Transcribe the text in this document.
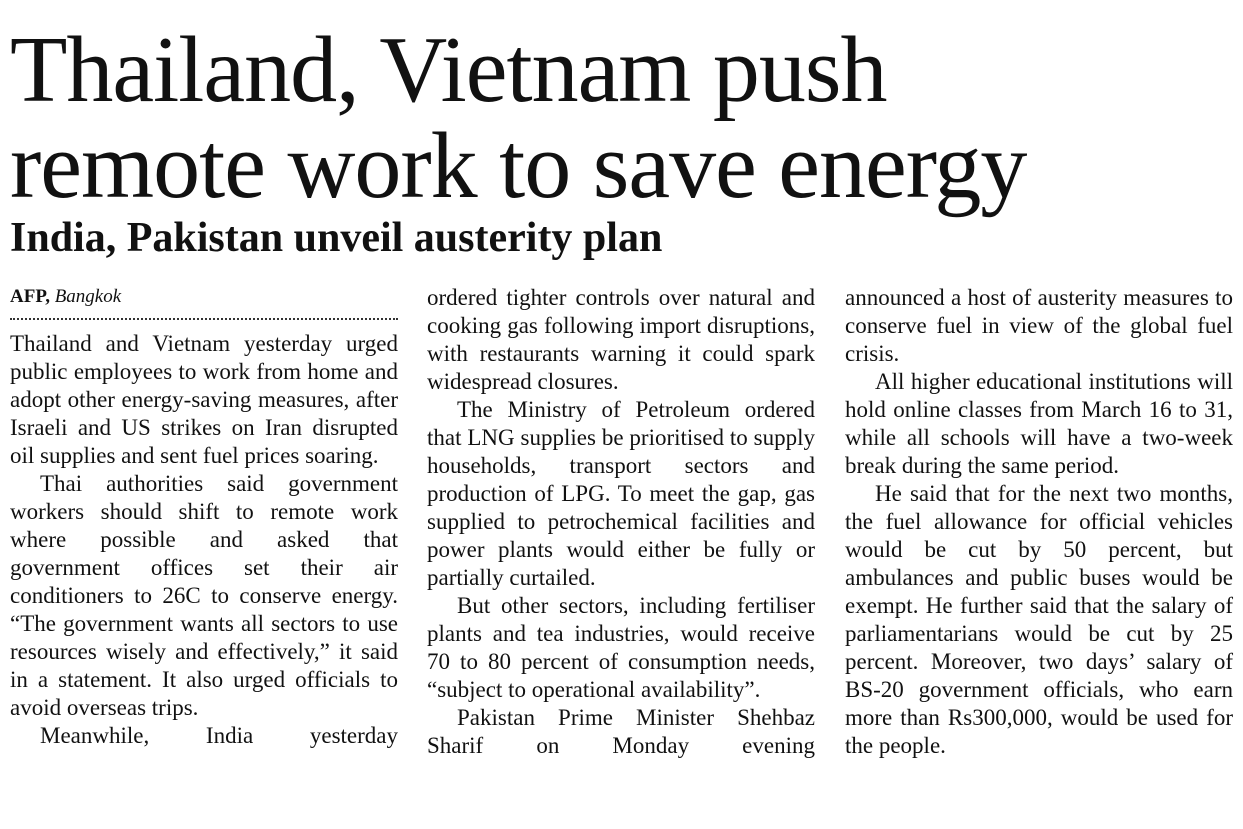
Thailand, Vietnam push
remote work to save energy
India, Pakistan unveil austerity plan
AFP, Bangkok

Thailand and Vietnam yesterday urged public employees to work from home and adopt other energy-saving measures, after Israeli and US strikes on Iran disrupted oil supplies and sent fuel prices soaring.

Thai authorities said government workers should shift to remote work where possible and asked that government offices set their air conditioners to 26C to conserve energy. “The government wants all sectors to use resources wisely and effectively,” it said in a statement. It also urged officials to avoid overseas trips.

Meanwhile, India yesterday

ordered tighter controls over natural and cooking gas following import disruptions, with restaurants warning it could spark widespread closures.

The Ministry of Petroleum ordered that LNG supplies be prioritised to supply households, transport sectors and production of LPG. To meet the gap, gas supplied to petrochemical facilities and power plants would either be fully or partially curtailed.

But other sectors, including fertiliser plants and tea industries, would receive 70 to 80 percent of consumption needs, “subject to operational availability”.

Pakistan Prime Minister Shehbaz Sharif on Monday evening

announced a host of austerity measures to conserve fuel in view of the global fuel crisis.

All higher educational institutions will hold online classes from March 16 to 31, while all schools will have a two-week break during the same period.

He said that for the next two months, the fuel allowance for official vehicles would be cut by 50 percent, but ambulances and public buses would be exempt. He further said that the salary of parliamentarians would be cut by 25 percent. Moreover, two days’ salary of BS-20 government officials, who earn more than Rs300,000, would be used for the people.
